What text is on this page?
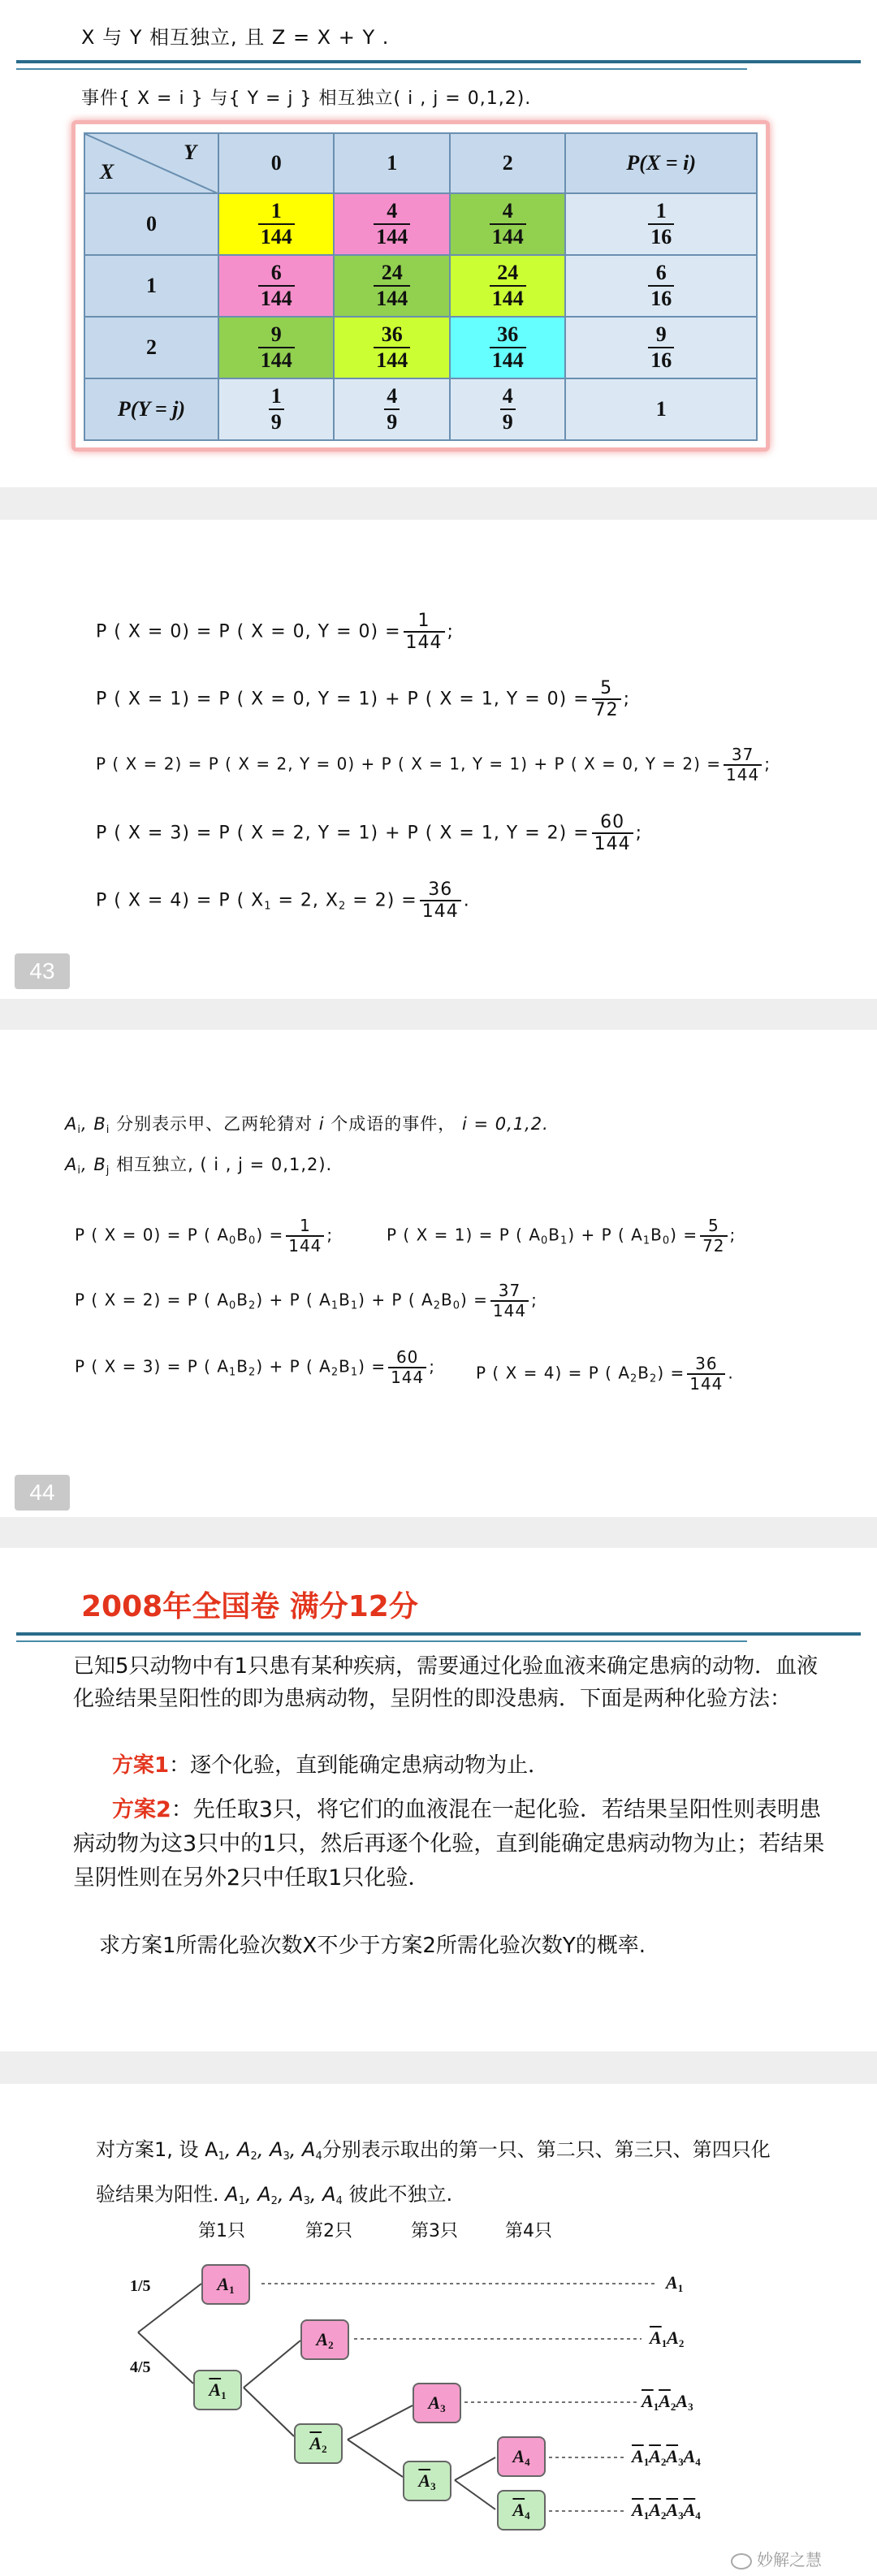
X 与 Y 相互独立, 且 Z = X + Y .
事件{ X = i } 与{ Y = j } 相互独立( i , j = 0,1,2).
X
Y	0	1	2	P(X = i)
0	$\frac{1}{144}$	$\frac{4}{144}$	$\frac{4}{144}$	$\frac{1}{16}$

1	$\frac{6}{144}$	$\frac{24}{144}$	$\frac{24}{144}$	$\frac{6}{16}$

2	$\frac{9}{144}$	$\frac{36}{144}$	$\frac{36}{144}$	$\frac{9}{16}$

P(Y = j)	$\frac{1}{9}$	$\frac{4}{9}$	$\frac{4}{9}$	1
P ( X = 0) = P ( X = 0, $Y = 0) = \frac{1}{144}$ ;
P ( X = 1) = P ( X = 0, Y = 1) + P ( X = 1, $Y = 0) = \frac{5}{72}$ ;
P ( X = 2) = P ( X = 2, Y = 0) + P ( X = 1, Y = 1) + P ( X = 0, $Y = 2) = \frac{37}{144}$ ;
P ( X = 3) = P ( X = 2, Y = 1) + P ( X = 1, $Y = 2) = \frac{60}{144}$ ;
P ( X = 4) = P ( $X_1 = 2$, $X_2 = 2) = \frac{36}{144}$ .
43
$A_i$, $B_i$ 分别表示甲、乙两轮猜对 i 个成语的事件， i = 0,1,2.
$A_i$, $B_j$ 相互独立, ( i , j = 0,1,2).
P ( X = 0) = P ( $A_0B_0) = \frac{1}{144}$ ;	P ( X = 1) = P ( $A_0B_1) + P$ ( $A_1B_0) = \frac{5}{72}$ ;
P ( X = 2) = P ( $A_0B_2) + P$ ( $A_1B_1) + P$ ( $A_2B_0) = \frac{37}{144}$ ;
P ( X = 3) = P ( $A_1B_2) + P$ ( $A_2B_1) = \frac{60}{144}$ ; P ( X = 4) = P ( $A_2B_2) = \frac{36}{144}$ .
44
2008年全国卷 满分12分
已知5只动物中有1只患有某种疾病，需要通过化验血液来确定患病的动物．血液化验结果呈阳性的即为患病动物，呈阴性的即没患病．下面是两种化验方法：
方案1：逐个化验，直到能确定患病动物为止．
方案2：先任取3只，将它们的血液混在一起化验．若结果呈阳性则表明患病动物为这3只中的1只，然后再逐个化验，直到能确定患病动物为止；若结果呈阴性则在另外2只中任取1只化验．
求方案1所需化验次数X不少于方案2所需化验次数Y的概率.
对方案1, 设 $A_1$, $A_2$, $A_3$, $A_4$分别表示取出的第一只、第二只、第三只、第四只化验结果为阳性. $A_1$, $A_2$, $A_3$, $A_4$ 彼此不独立.
第1只	第2只	第3只	第4只
1/5
4/5
$A_1$
$\overline{A}_1$
$A_2$
$\overline{A}_2$
$A_3$
$\overline{A}_3$
$A_4$
$\overline{A}_4$
$A_1$
$\overline{A}_1A_2$
$\overline{A}_1\overline{A}_2A_3$
$\overline{A}_1\overline{A}_2\overline{A}_3A_4$
$\overline{A}_1\overline{A}_2\overline{A}_3\overline{A}_4$
妙解之慧
